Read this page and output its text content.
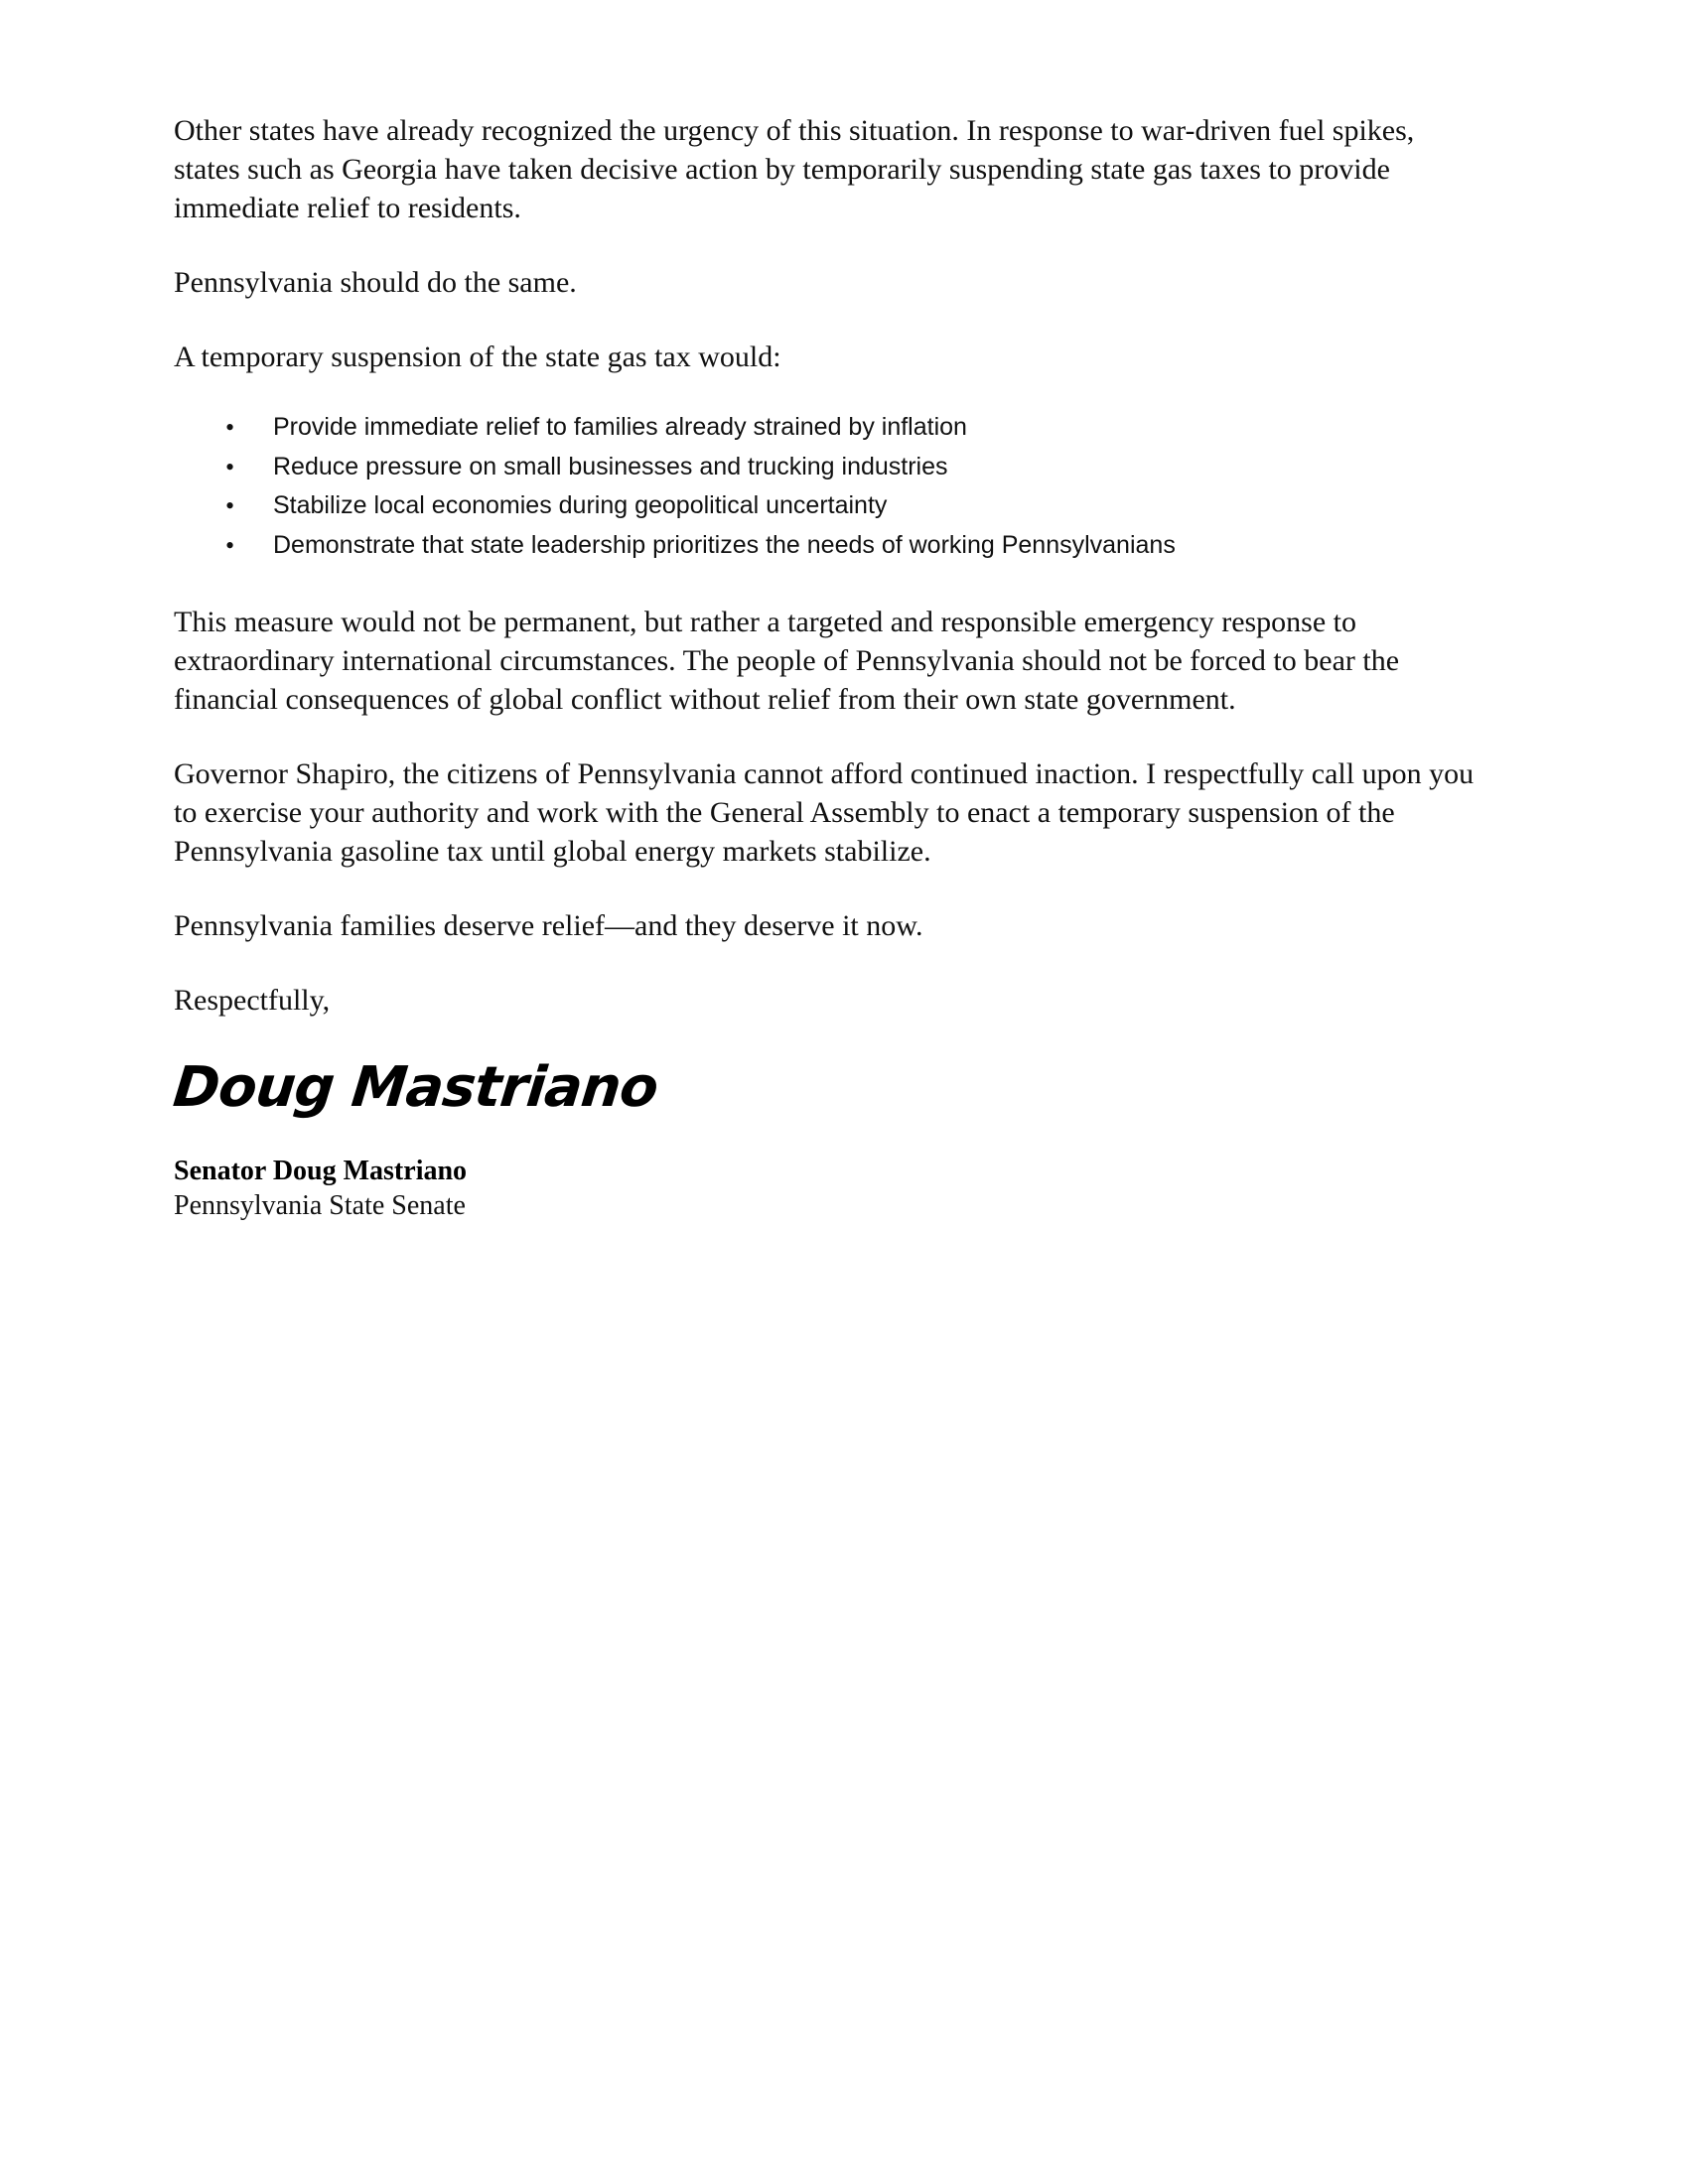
Other states have already recognized the urgency of this situation. In response to war-driven fuel spikes, states such as Georgia have taken decisive action by temporarily suspending state gas taxes to provide immediate relief to residents.

Pennsylvania should do the same.

A temporary suspension of the state gas tax would:

• Provide immediate relief to families already strained by inflation
• Reduce pressure on small businesses and trucking industries
• Stabilize local economies during geopolitical uncertainty
• Demonstrate that state leadership prioritizes the needs of working Pennsylvanians

This measure would not be permanent, but rather a targeted and responsible emergency response to extraordinary international circumstances. The people of Pennsylvania should not be forced to bear the financial consequences of global conflict without relief from their own state government.

Governor Shapiro, the citizens of Pennsylvania cannot afford continued inaction. I respectfully call upon you to exercise your authority and work with the General Assembly to enact a temporary suspension of the Pennsylvania gasoline tax until global energy markets stabilize.

Pennsylvania families deserve relief—and they deserve it now.

Respectfully,

Doug Mastriano

Senator Doug Mastriano

Pennsylvania State Senate
